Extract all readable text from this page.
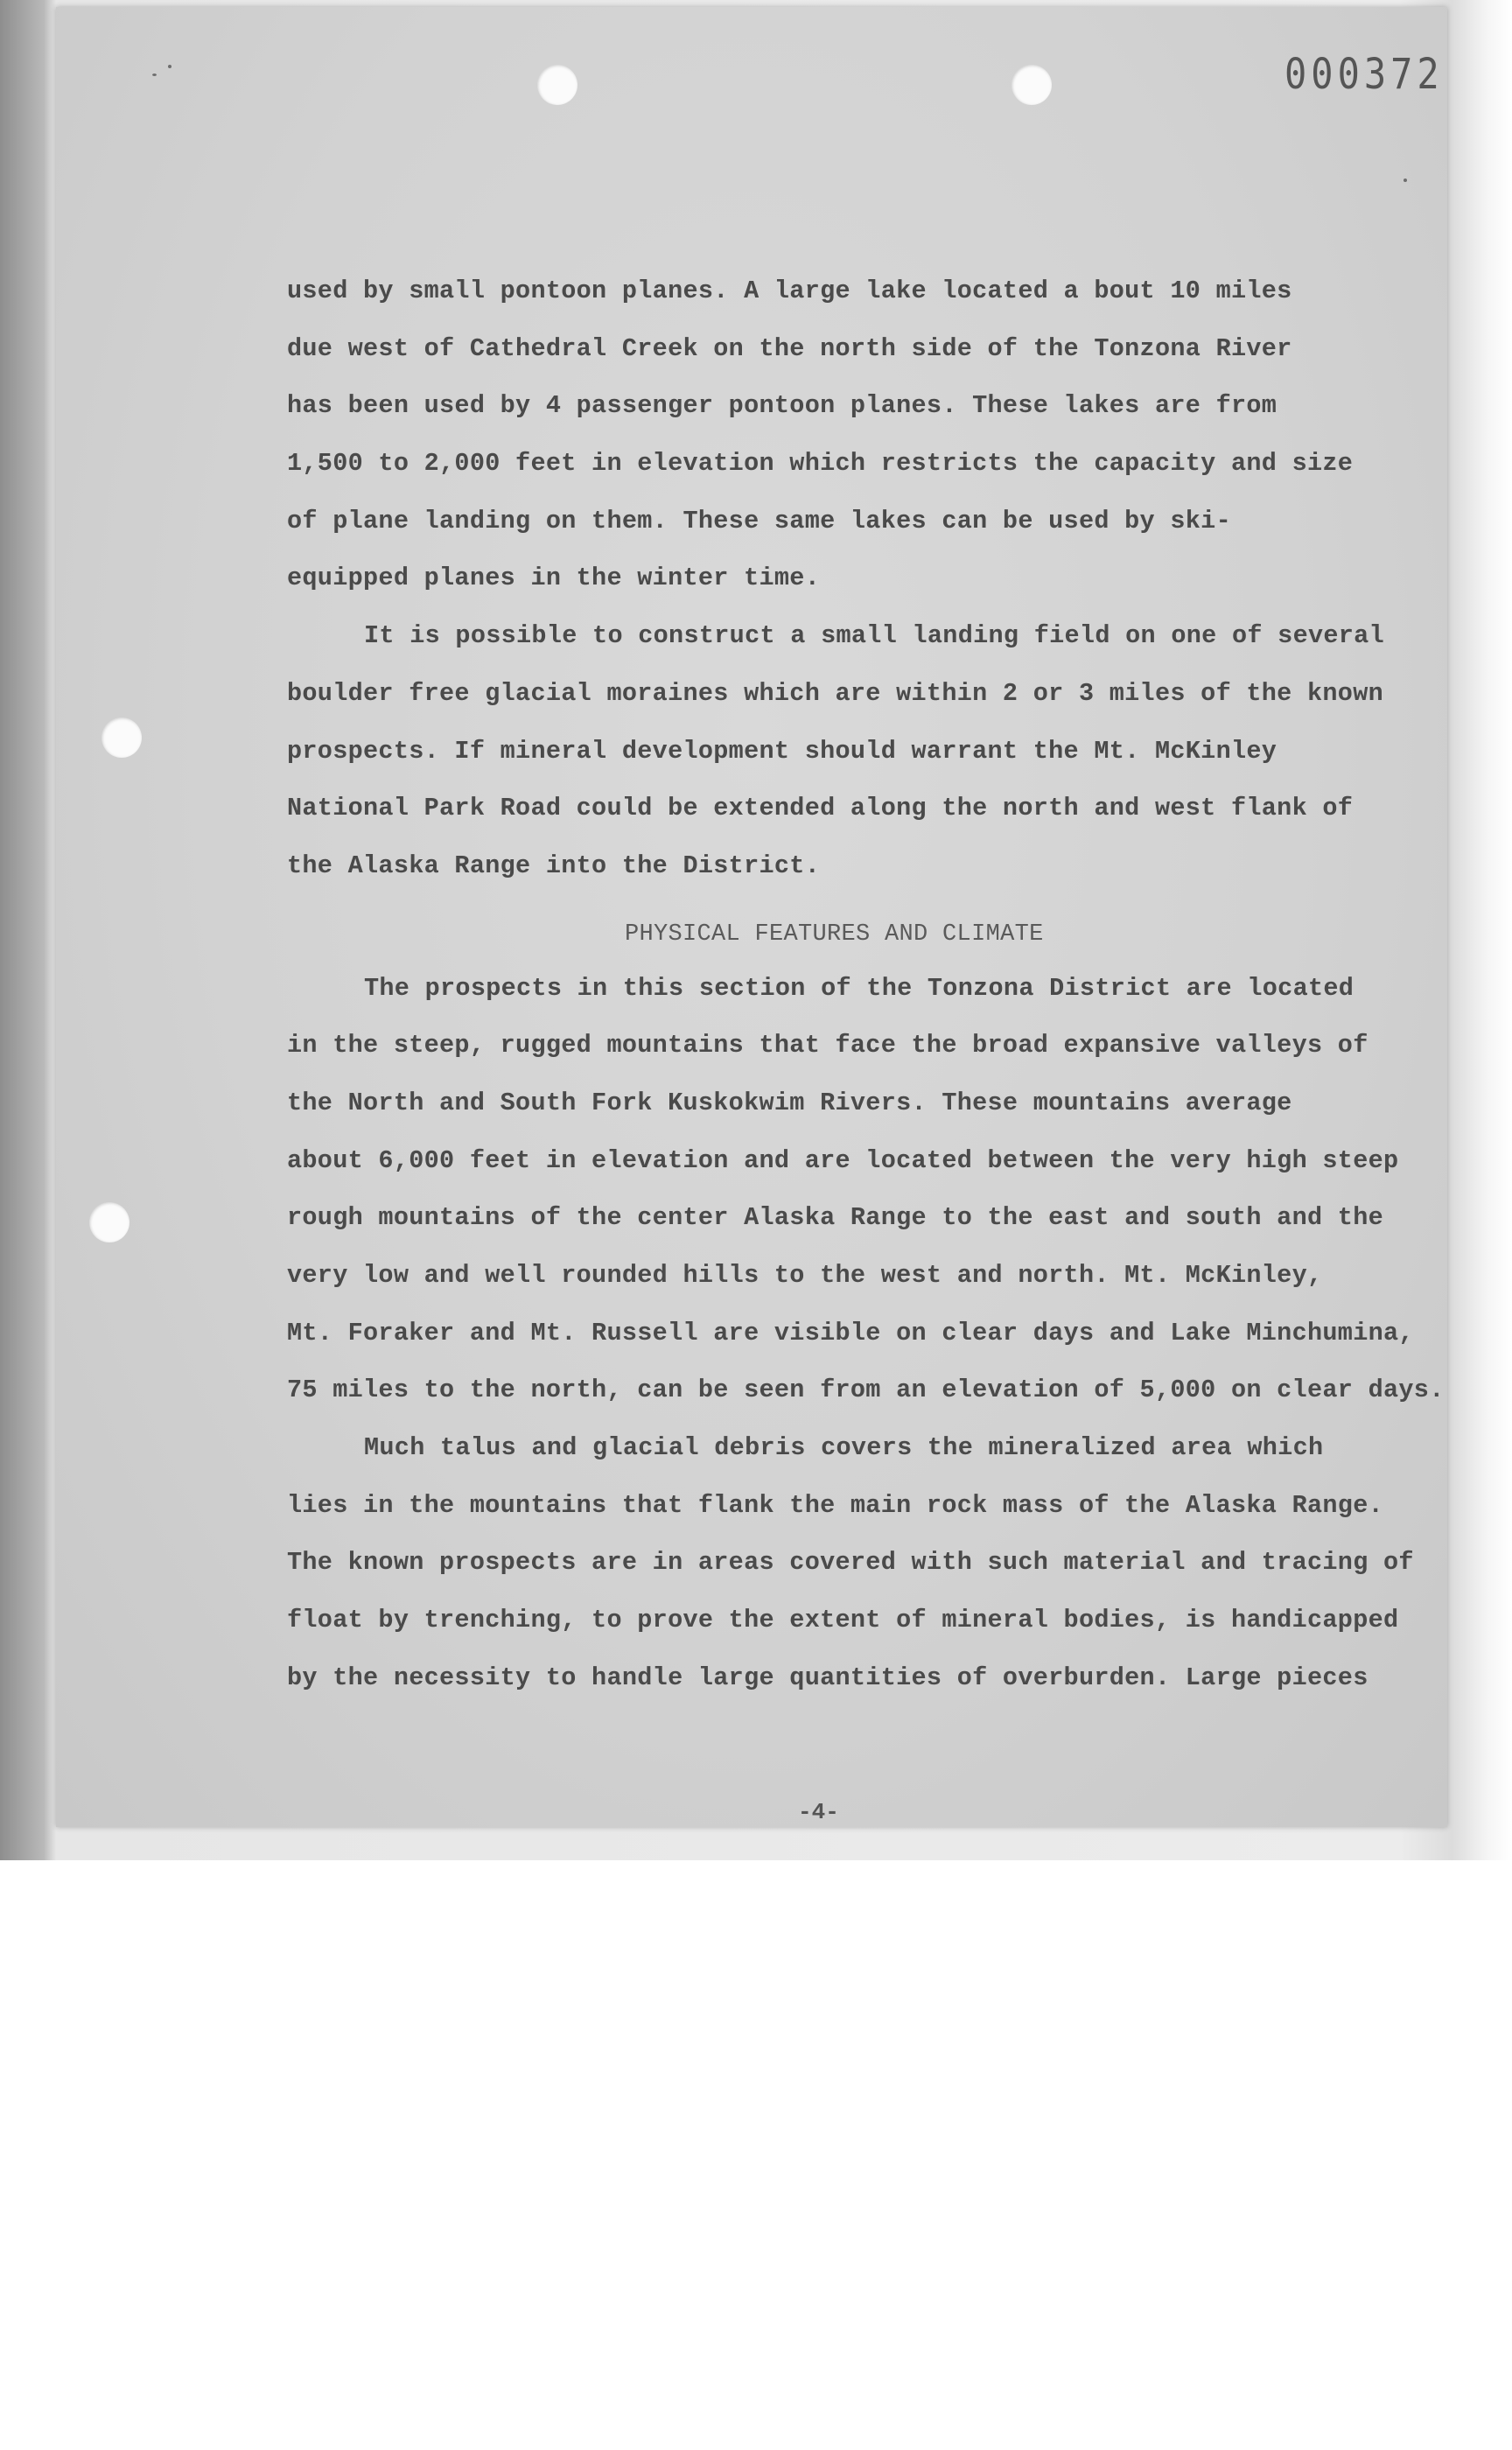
000372
used by small pontoon planes. A large lake located a bout 10 miles
due west of Cathedral Creek on the north side of the Tonzona River
has been used by 4 passenger pontoon planes. These lakes are from
1,500 to 2,000 feet in elevation which restricts the capacity and size
of plane landing on them. These same lakes can be used by ski-
equipped planes in the winter time.
It is possible to construct a small landing field on one of several
boulder free glacial moraines which are within 2 or 3 miles of the known
prospects. If mineral development should warrant the Mt. McKinley
National Park Road could be extended along the north and west flank of
the Alaska Range into the District.
PHYSICAL FEATURES AND CLIMATE
The prospects in this section of the Tonzona District are located
in the steep, rugged mountains that face the broad expansive valleys of
the North and South Fork Kuskokwim Rivers. These mountains average
about 6,000 feet in elevation and are located between the very high steep
rough mountains of the center Alaska Range to the east and south and the
very low and well rounded hills to the west and north. Mt. McKinley,
Mt. Foraker and Mt. Russell are visible on clear days and Lake Minchumina,
75 miles to the north, can be seen from an elevation of 5,000 on clear days.
Much talus and glacial debris covers the mineralized area which
lies in the mountains that flank the main rock mass of the Alaska Range.
The known prospects are in areas covered with such material and tracing of
float by trenching, to prove the extent of mineral bodies, is handicapped
by the necessity to handle large quantities of overburden. Large pieces
-4-
